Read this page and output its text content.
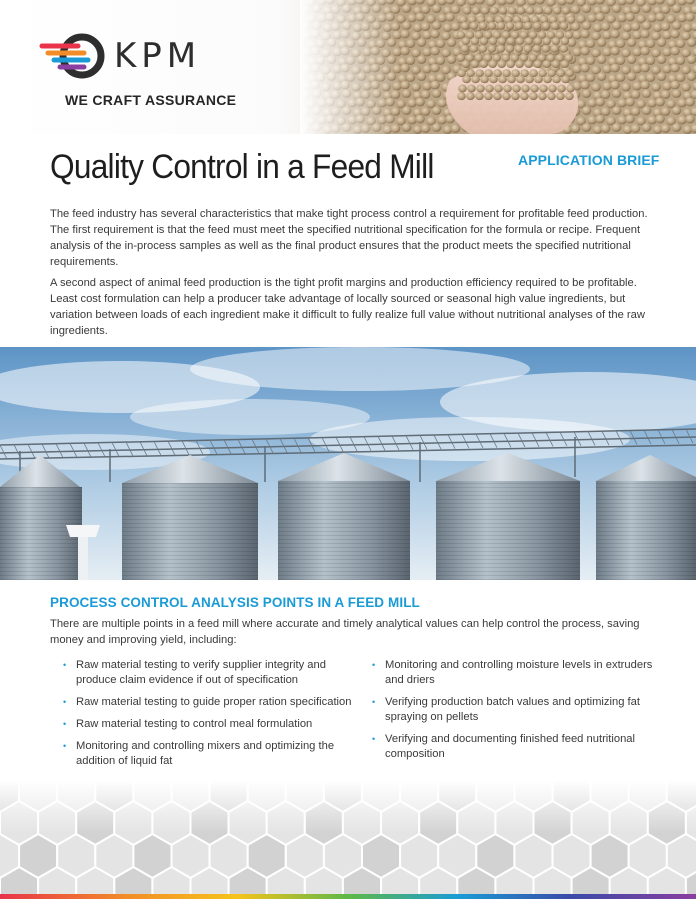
KPM
WE CRAFT ASSURANCE
Quality Control in a Feed Mill	APPLICATION BRIEF

The feed industry has several characteristics that make tight process control a requirement for profitable feed production. The first requirement is that the feed must meet the specified nutritional specification for the formula or recipe. Frequent analysis of the in-process samples as well as the final product ensures that the product meets the specified nutritional requirements.

A second aspect of animal feed production is the tight profit margins and production efficiency required to be profitable. Least cost formulation can help a producer take advantage of locally sourced or seasonal high value ingredients, but variation between loads of each ingredient make it difficult to fully realize full value without nutritional analyses of the raw ingredients.

PROCESS CONTROL ANALYSIS POINTS IN A FEED MILL

There are multiple points in a feed mill where accurate and timely analytical values can help control the process, saving money and improving yield, including:

• Raw material testing to verify supplier integrity and produce claim evidence if out of specification
• Raw material testing to guide proper ration specification
• Raw material testing to control meal formulation
• Monitoring and controlling mixers and optimizing the addition of liquid fat
• Monitoring and controlling moisture levels in extruders and driers
• Verifying production batch values and optimizing fat spraying on pellets
• Verifying and documenting finished feed nutritional composition
